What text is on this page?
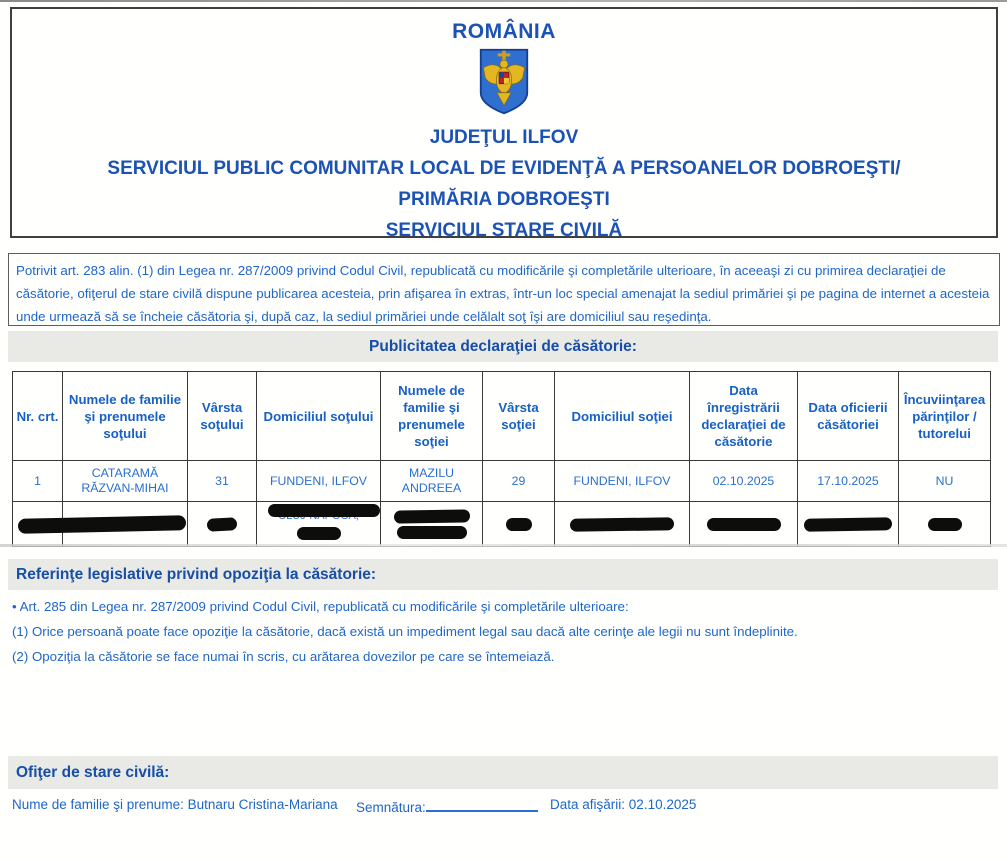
ROMÂNIA
JUDEŢUL ILFOV
SERVICIUL PUBLIC COMUNITAR LOCAL DE EVIDENŢĂ A PERSOANELOR DOBROEŞTI/
PRIMĂRIA DOBROEŞTI
SERVICIUL STARE CIVILĂ
Potrivit art. 283 alin. (1) din Legea nr. 287/2009 privind Codul Civil, republicată cu modificările şi completările ulterioare, în aceeaşi zi cu primirea declaraţiei de căsătorie, ofiţerul de stare civilă dispune publicarea acesteia, prin afişarea în extras, într-un loc special amenajat la sediul primăriei şi pe pagina de internet a acesteia unde urmează să se încheie căsătoria şi, după caz, la sediul primăriei unde celălalt soţ îşi are domiciliul sau reşedinţa.
Publicitatea declaraţiei de căsătorie:
Nr. crt.	Numele de familie şi prenumele soţului	Vârsta soţului	Domiciliul soţului	Numele de familie şi prenumele soţiei	Vârsta soţiei	Domiciliul soţiei	Data înregistrării declaraţiei de căsătorie	Data oficierii căsătoriei	Încuviinţarea părinţilor / tutorelui
1	CATARAMĂ RĂZVAN-MIHAI	31	FUNDENI, ILFOV	MAZILU ANDREEA	29	FUNDENI, ILFOV	02.10.2025	17.10.2025	NU

Referinţe legislative privind opoziţia la căsătorie:
• Art. 285 din Legea nr. 287/2009 privind Codul Civil, republicată cu modificările şi completările ulterioare:
(1) Orice persoană poate face opoziţie la căsătorie, dacă există un impediment legal sau dacă alte cerinţe ale legii nu sunt îndeplinite.
(2) Opoziţia la căsătorie se face numai în scris, cu arătarea dovezilor pe care se întemeiază.
Ofiţer de stare civilă:
Nume de familie şi prenume: Butnaru Cristina-Mariana Semnătura:	Data afişării: 02.10.2025
